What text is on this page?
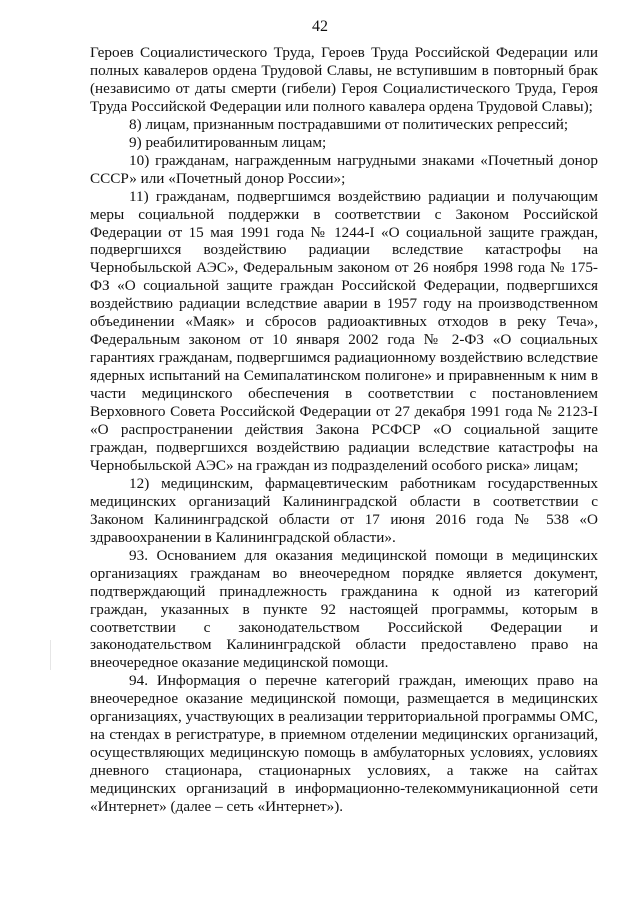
42

Героев Социалистического Труда, Героев Труда Российской Федерации или полных кавалеров ордена Трудовой Славы, не вступившим в повторный брак (независимо от даты смерти (гибели) Героя Социалистического Труда, Героя Труда Российской Федерации или полного кавалера ордена Трудовой Славы);

8) лицам, признанным пострадавшими от политических репрессий;

9) реабилитированным лицам;

10) гражданам, награжденным нагрудными знаками «Почетный донор СССР» или «Почетный донор России»;

11) гражданам, подвергшимся воздействию радиации и получающим меры социальной поддержки в соответствии с Законом Российской Федерации от 15 мая 1991 года № 1244-I «О социальной защите граждан, подвергшихся воздействию радиации вследствие катастрофы на Чернобыльской АЭС», Федеральным законом от 26 ноября 1998 года № 175-ФЗ «О социальной защите граждан Российской Федерации, подвергшихся воздействию радиации вследствие аварии в 1957 году на производственном объединении «Маяк» и сбросов радиоактивных отходов в реку Теча», Федеральным законом от 10 января 2002 года № 2-ФЗ «О социальных гарантиях гражданам, подвергшимся радиационному воздействию вследствие ядерных испытаний на Семипалатинском полигоне» и приравненным к ним в части медицинского обеспечения в соответствии с постановлением Верховного Совета Российской Федерации от 27 декабря 1991 года № 2123-I «О распространении действия Закона РСФСР «О социальной защите граждан, подвергшихся воздействию радиации вследствие катастрофы на Чернобыльской АЭС» на граждан из подразделений особого риска» лицам;

12) медицинским, фармацевтическим работникам государственных медицинских организаций Калининградской области в соответствии с Законом Калининградской области от 17 июня 2016 года № 538 «О здравоохранении в Калининградской области».

93. Основанием для оказания медицинской помощи в медицинских организациях гражданам во внеочередном порядке является документ, подтверждающий принадлежность гражданина к одной из категорий граждан, указанных в пункте 92 настоящей программы, которым в соответствии с законодательством Российской Федерации и законодательством Калининградской области предоставлено право на внеочередное оказание медицинской помощи.

94. Информация о перечне категорий граждан, имеющих право на внеочередное оказание медицинской помощи, размещается в медицинских организациях, участвующих в реализации территориальной программы ОМС, на стендах в регистратуре, в приемном отделении медицинских организаций, осуществляющих медицинскую помощь в амбулаторных условиях, условиях дневного стационара, стационарных условиях, а также на сайтах медицинских организаций в информационно-телекоммуникационной сети «Интернет» (далее – сеть «Интернет»).
